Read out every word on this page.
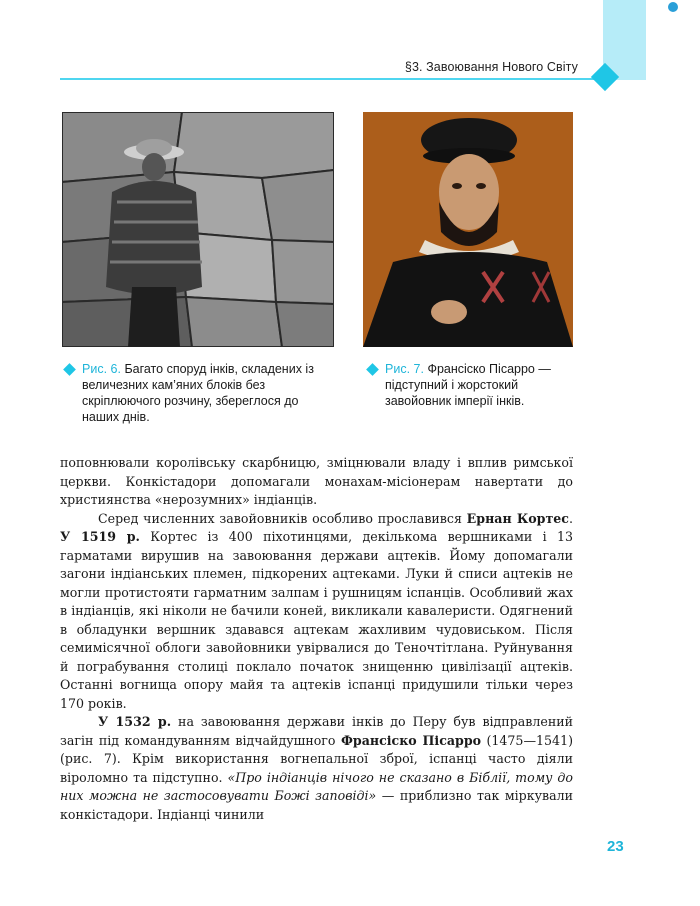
§3. Завоювання Нового Світу
Рис. 6. Багато споруд інків, складених із величезних кам’яних блоків без скріплюючого розчину, збереглося до наших днів.
Рис. 7. Франсіско Пісарро — підступний і жорстокий завойовник імперії інків.

поповнювали королівську скарбницю, зміцнювали владу і вплив римської церкви. Конкістадори допомагали монахам-місіонерам навертати до християнства «нерозумних» індіанців.

Серед численних завойовників особливо прославився Ернан Кортес. У 1519 р. Кортес із 400 піхотинцями, декількома вершниками і 13 гарматами вирушив на завоювання держави ацтеків. Йому допомагали загони індіанських племен, підкорених ацтеками. Луки й списи ацтеків не могли протистояти гарматним залпам і рушницям іспанців. Особливий жах в індіанців, які ніколи не бачили коней, викликали кавалеристи. Одягнений в обладунки вершник здавався ацтекам жахливим чудовиськом. Після семимісячної облоги завойовники увірвалися до Теночтітлана. Руйнування й пограбування столиці поклало початок знищенню цивілізації ацтеків. Останні вогнища опору майя та ацтеків іспанці придушили тільки через 170 років.

У 1532 р. на завоювання держави інків до Перу був відправлений загін під командуванням відчайдушного Франсіско Пісарро (1475—1541) (рис. 7). Крім використання вогнепальної зброї, іспанці часто діяли віроломно та підступно. «Про індіанців нічого не сказано в Біблії, тому до них можна не застосовувати Божі заповіді» — приблизно так міркували конкістадори. Індіанці чинили

23
